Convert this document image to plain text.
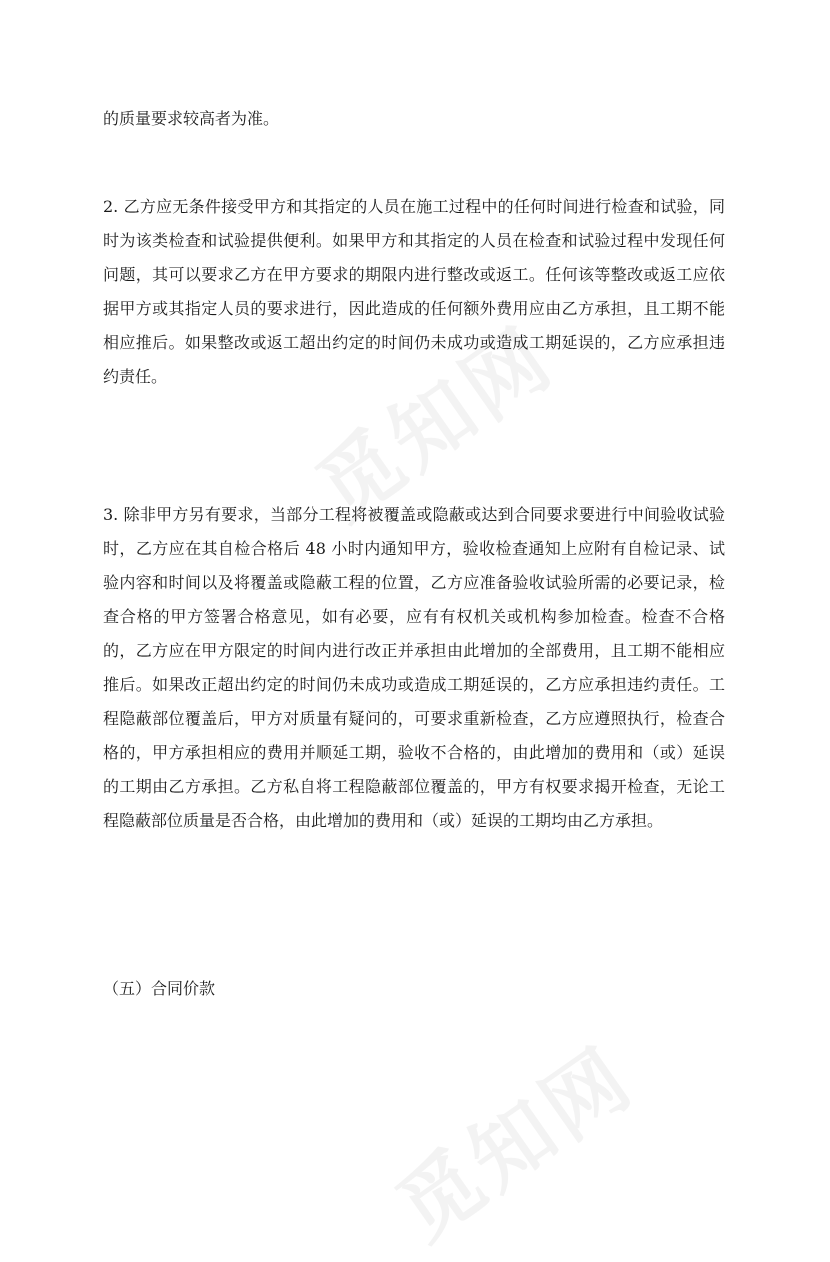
的质量要求较高者为准。

2. 乙方应无条件接受甲方和其指定的人员在施工过程中的任何时间进行检查和试验，同时为该类检查和试验提供便利。如果甲方和其指定的人员在检查和试验过程中发现任何问题，其可以要求乙方在甲方要求的期限内进行整改或返工。任何该等整改或返工应依据甲方或其指定人员的要求进行，因此造成的任何额外费用应由乙方承担，且工期不能相应推后。如果整改或返工超出约定的时间仍未成功或造成工期延误的，乙方应承担违约责任。

3. 除非甲方另有要求，当部分工程将被覆盖或隐蔽或达到合同要求要进行中间验收试验时，乙方应在其自检合格后 48 小时内通知甲方，验收检查通知上应附有自检记录、试验内容和时间以及将覆盖或隐蔽工程的位置，乙方应准备验收试验所需的必要记录，检查合格的甲方签署合格意见，如有必要，应有有权机关或机构参加检查。检查不合格的，乙方应在甲方限定的时间内进行改正并承担由此增加的全部费用，且工期不能相应推后。如果改正超出约定的时间仍未成功或造成工期延误的，乙方应承担违约责任。工程隐蔽部位覆盖后，甲方对质量有疑问的，可要求重新检查，乙方应遵照执行，检查合格的，甲方承担相应的费用并顺延工期，验收不合格的，由此增加的费用和（或）延误的工期由乙方承担。乙方私自将工程隐蔽部位覆盖的，甲方有权要求揭开检查，无论工程隐蔽部位质量是否合格，由此增加的费用和（或）延误的工期均由乙方承担。

（五）合同价款
